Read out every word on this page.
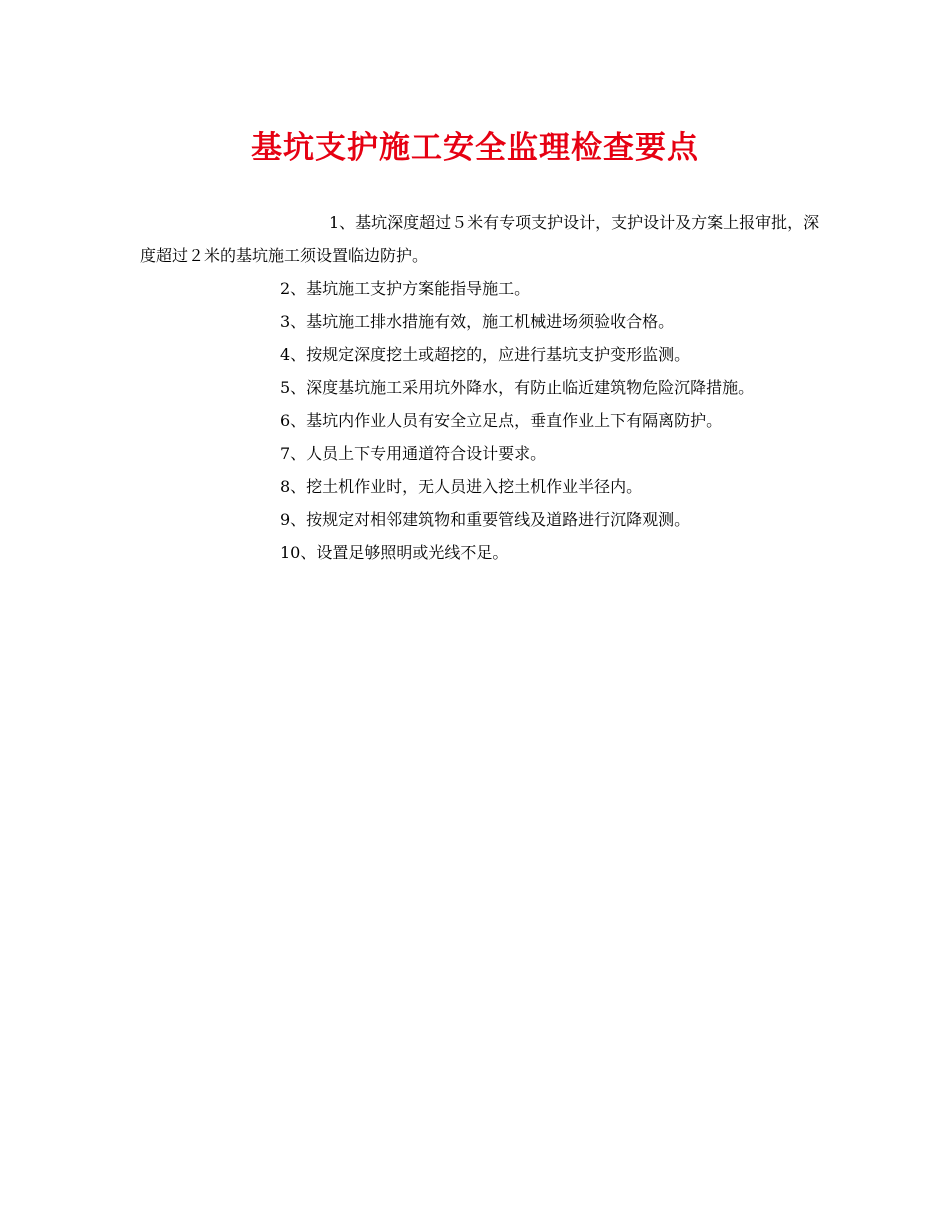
基坑支护施工安全监理检查要点

1、基坑深度超过５米有专项支护设计，支护设计及方案上报审批，深度超过２米的基坑施工须设置临边防护。

2、基坑施工支护方案能指导施工。

3、基坑施工排水措施有效，施工机械进场须验收合格。

4、按规定深度挖土或超挖的，应进行基坑支护变形监测。

5、深度基坑施工采用坑外降水，有防止临近建筑物危险沉降措施。

6、基坑内作业人员有安全立足点，垂直作业上下有隔离防护。

7、人员上下专用通道符合设计要求。

8、挖土机作业时，无人员进入挖土机作业半径内。

9、按规定对相邻建筑物和重要管线及道路进行沉降观测。

10、设置足够照明或光线不足。
